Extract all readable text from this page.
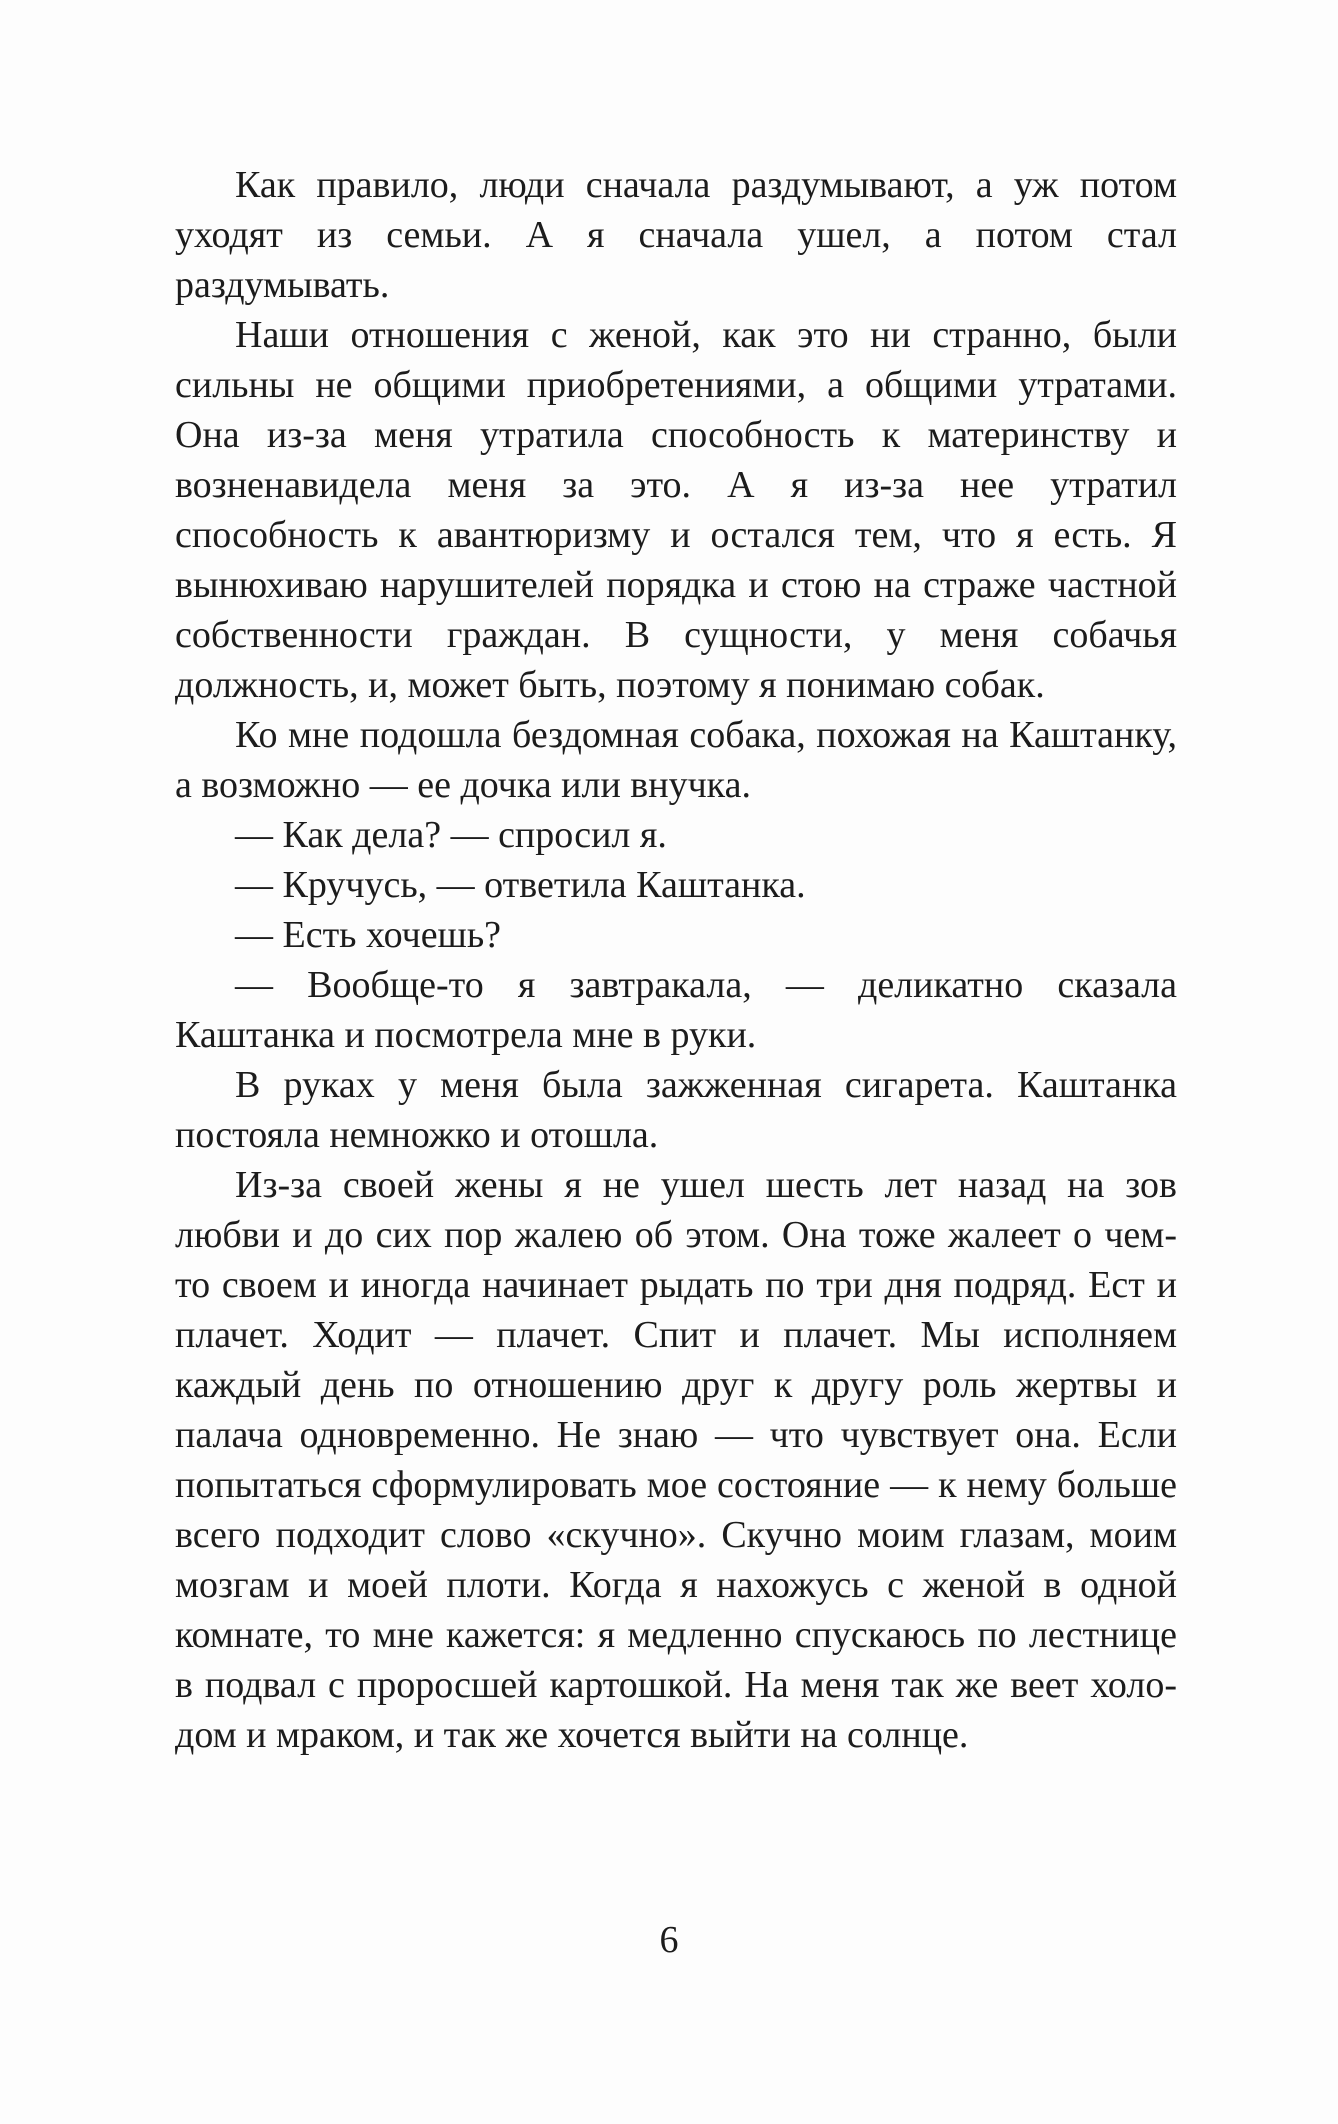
Как правило, люди сначала раздумывают, а уж потом уходят из семьи. А я сначала ушел, а потом стал раздумывать.

Наши отношения с женой, как это ни странно, были сильны не общими приобретениями, а общими утратами. Она из-за меня утратила способность к материнству и возненавидела меня за это. А я из-за нее утратил способность к авантюризму и остался тем, что я есть. Я вынюхиваю нарушителей порядка и стою на страже частной собственности граждан. В сущности, у меня собачья должность, и, может быть, поэтому я понимаю собак.

Ко мне подошла бездомная собака, похожая на Каштанку, а возможно — ее дочка или внучка.

— Как дела? — спросил я.

— Кручусь, — ответила Каштанка.

— Есть хочешь?

— Вообще-то я завтракала, — деликатно сказала Каштанка и посмотрела мне в руки.

В руках у меня была зажженная сигарета. Каштанка постояла немножко и отошла.

Из-за своей жены я не ушел шесть лет назад на зов любви и до сих пор жалею об этом. Она тоже жалеет о чем-то своем и иногда начинает рыдать по три дня подряд. Ест и плачет. Ходит — плачет. Спит и плачет. Мы исполняем каждый день по отношению друг к другу роль жертвы и палача одновременно. Не знаю — что чувствует она. Если попытаться сформулировать мое состояние — к нему больше всего подходит слово «скучно». Скучно моим глазам, моим мозгам и моей плоти. Когда я нахожусь с женой в одной комнате, то мне кажется: я медленно спускаюсь по лестнице в подвал с проросшей картошкой. На меня так же веет холодом и мраком, и так же хочется выйти на солнце.

6
